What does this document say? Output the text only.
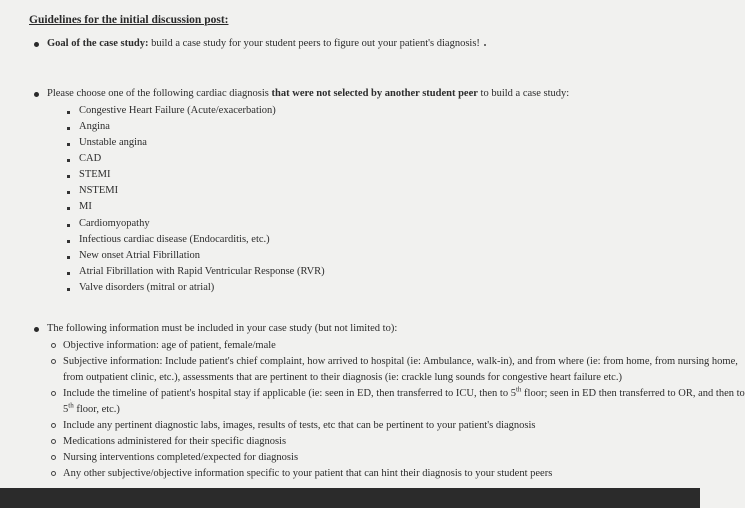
Guidelines for the initial discussion post:
Goal of the case study: build a case study for your student peers to figure out your patient's diagnosis!
Please choose one of the following cardiac diagnosis that were not selected by another student peer to build a case study:
Congestive Heart Failure (Acute/exacerbation)
Angina
Unstable angina
CAD
STEMI
NSTEMI
MI
Cardiomyopathy
Infectious cardiac disease (Endocarditis, etc.)
New onset Atrial Fibrillation
Atrial Fibrillation with Rapid Ventricular Response (RVR)
Valve disorders (mitral or atrial)
The following information must be included in your case study (but not limited to):
Objective information: age of patient, female/male
Subjective information: Include patient's chief complaint, how arrived to hospital (ie: Ambulance, walk-in), and from where (ie: from home, from nursing home,
from outpatient clinic, etc.), assessments that are pertinent to their diagnosis (ie: crackle lung sounds for congestive heart failure etc.)
Include the timeline of patient's hospital stay if applicable (ie: seen in ED, then transferred to ICU, then to 5th floor; seen in ED then transferred to OR, and then to
5th floor, etc.)
Include any pertinent diagnostic labs, images, results of tests, etc that can be pertinent to your patient's diagnosis
Medications administered for their specific diagnosis
Nursing interventions completed/expected for diagnosis
Any other subjective/objective information specific to your patient that can hint their diagnosis to your student peers
